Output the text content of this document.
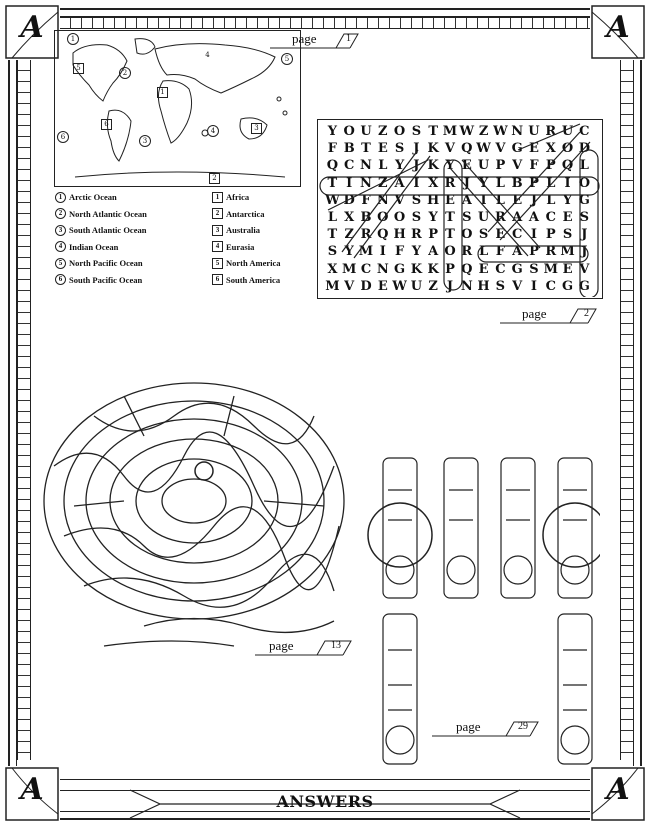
A	A
A	A
1
2
3
4
5
6
1
2
3
4
5
6
page	1
1 Arctic Ocean
2 North Atlantic Ocean
3 South Atlantic Ocean
4 Indian Ocean
5 North Pacific Ocean
6 South Pacific Ocean
1 Africa
2 Antarctica
3 Australia
4 Eurasia
5 North America
6 South America
Y O U Z O S T M W Z W N U R U C
F B T E S J K V Q W V G E X O D
Q C N L Y J K Y E U P V F P Q L
T I N Z A I X R J Y L B P L I O
W D F N V S H E A I L E J L Y G
L X B O O S Y T S U R A A C E S
T Z R Q H R P T O S E C I P S J
S Y M I F Y A O R L F A P R M J
X M C N G K K P Q E C G S M E V
M V D E W U Z J N H S V I C G G
page	2
page	13
page	29
ANSWERS
